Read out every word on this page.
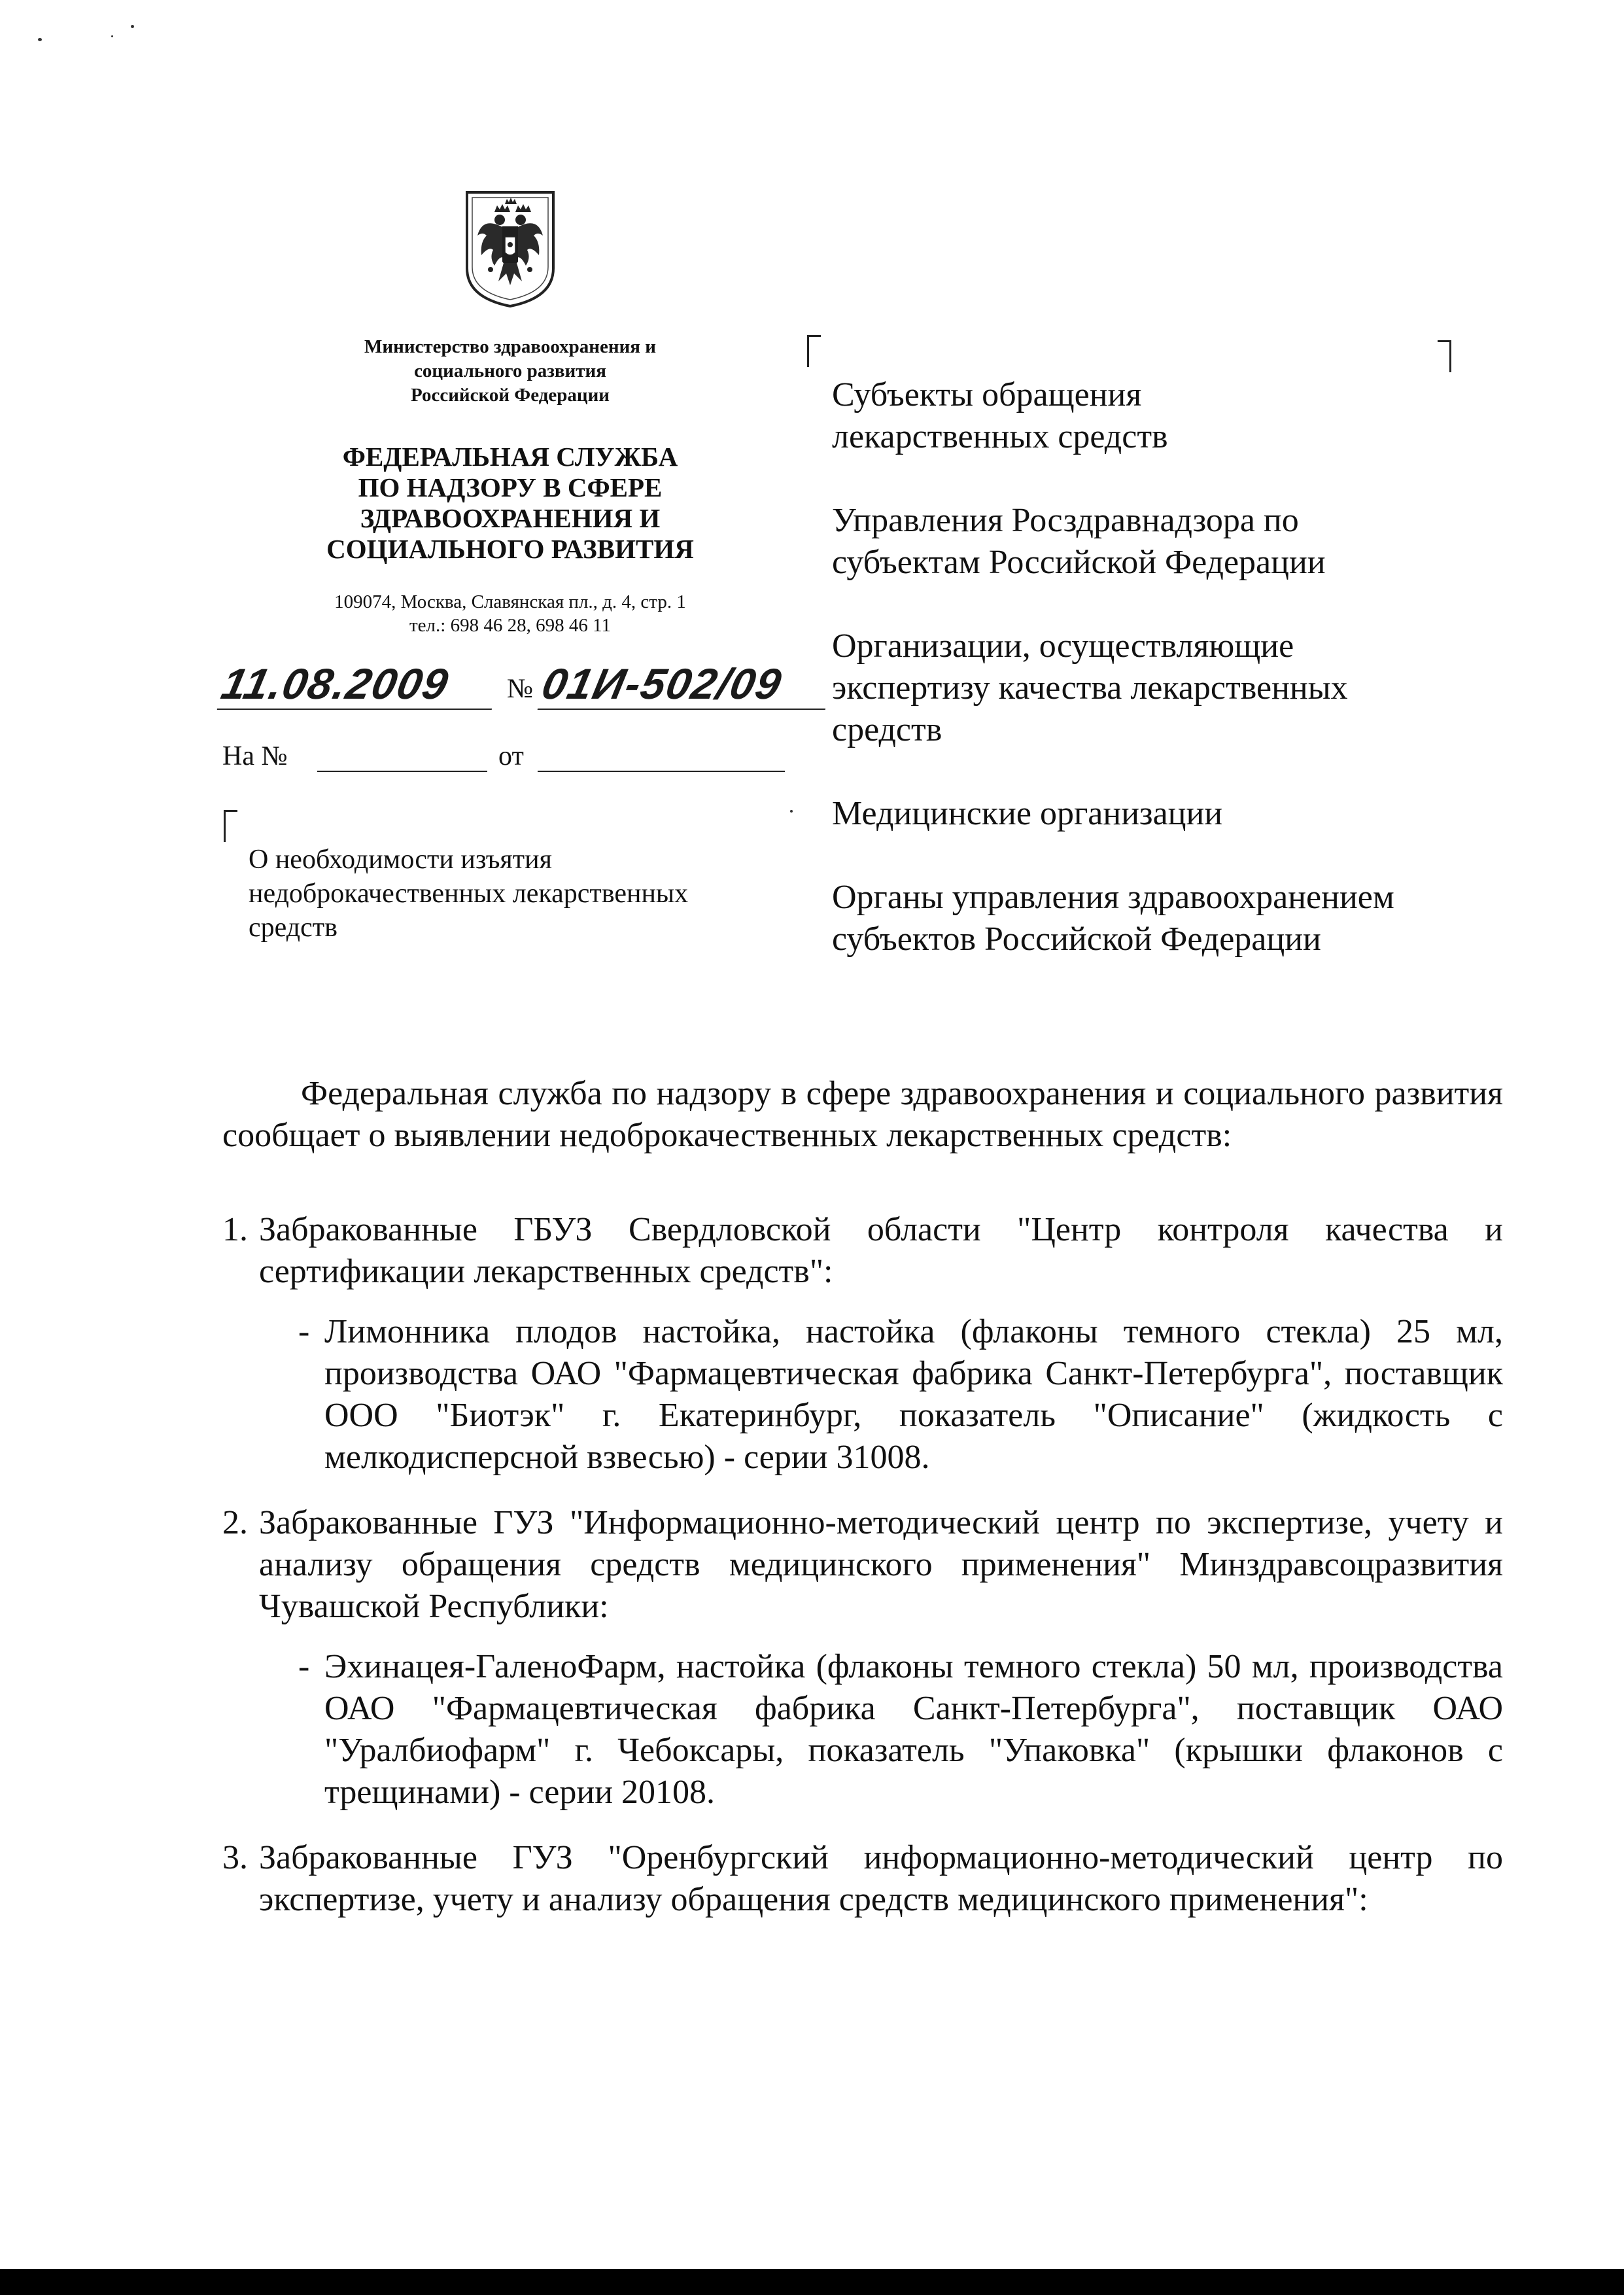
Министерство здравоохранения и
социального развития
Российской Федерации
ФЕДЕРАЛЬНАЯ СЛУЖБА
ПО НАДЗОРУ В СФЕРЕ
ЗДРАВООХРАНЕНИЯ И
СОЦИАЛЬНОГО РАЗВИТИЯ
109074, Москва, Славянская пл., д. 4, стр. 1
тел.: 698 46 28, 698 46 11
11.08.2009	№ 01И-502/09
На №	от
О необходимости изъятия
недоброкачественных лекарственных
средств
Субъекты обращения
лекарственных средств
Управления Росздравнадзора по
субъектам Российской Федерации
Организации, осуществляющие
экспертизу качества лекарственных
средств
Медицинские организации
Органы управления здравоохранением
субъектов Российской Федерации

Федеральная служба по надзору в сфере здравоохранения и социального развития сообщает о выявлении недоброкачественных лекарственных средств:

1. Забракованные ГБУЗ Свердловской области "Центр контроля качества и сертификации лекарственных средств":
- Лимонника плодов настойка, настойка (флаконы темного стекла) 25 мл, производства ОАО "Фармацевтическая фабрика Санкт-Петербурга", поставщик ООО "Биотэк" г. Екатеринбург, показатель "Описание" (жидкость с мелкодисперсной взвесью) - серии 31008.
2. Забракованные ГУЗ "Информационно-методический центр по экспертизе, учету и анализу обращения средств медицинского применения" Минздравсоцразвития Чувашской Республики:
- Эхинацея-ГаленоФарм, настойка (флаконы темного стекла) 50 мл, производства ОАО "Фармацевтическая фабрика Санкт-Петербурга", поставщик ОАО "Уралбиофарм" г. Чебоксары, показатель "Упаковка" (крышки флаконов с трещинами) - серии 20108.
3. Забракованные ГУЗ "Оренбургский информационно-методический центр по экспертизе, учету и анализу обращения средств медицинского применения":
